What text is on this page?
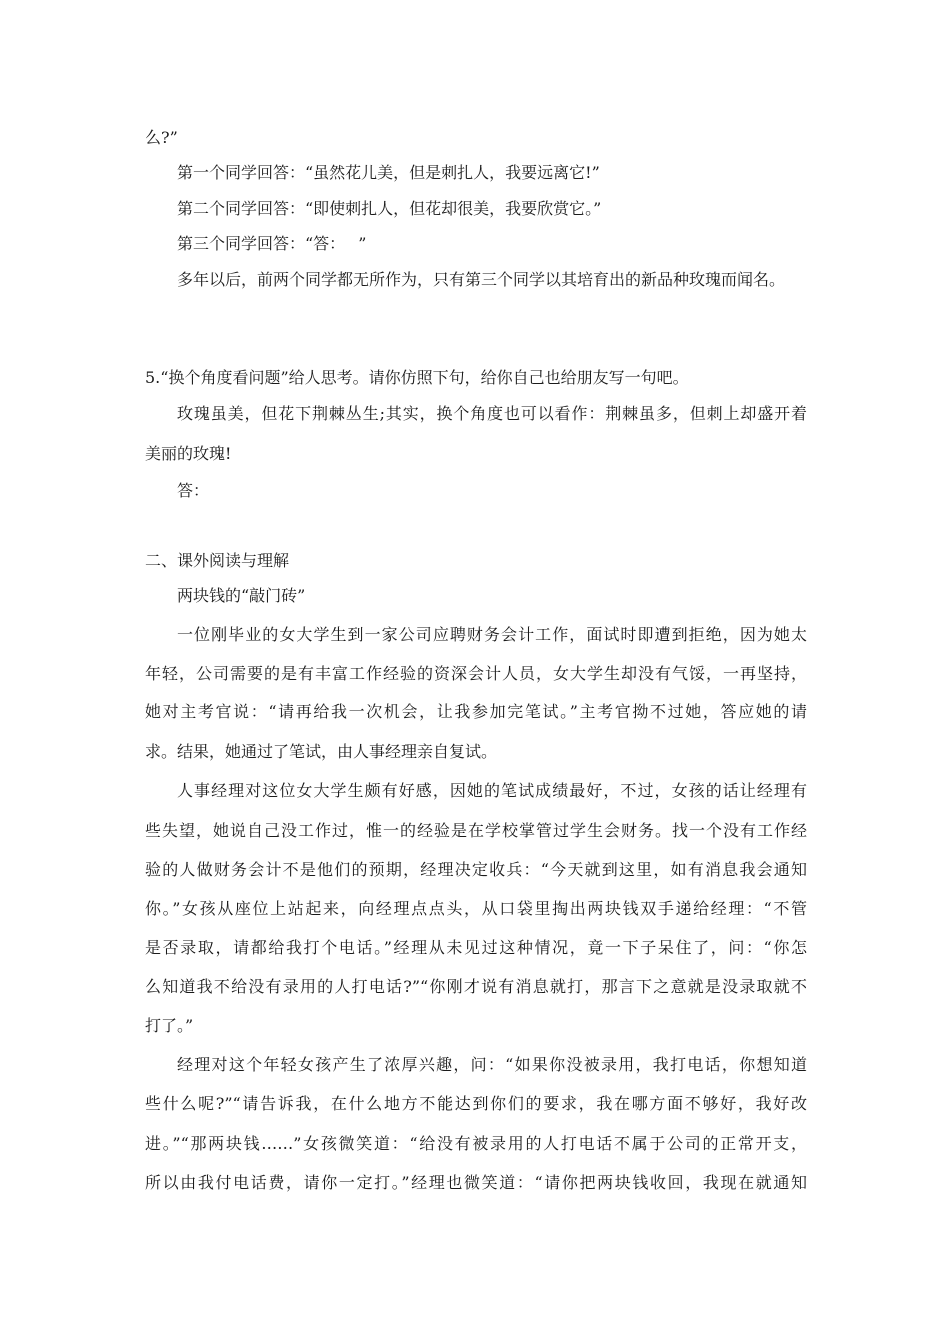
么?”
第一个同学回答：“虽然花儿美，但是刺扎人，我要远离它!”
第二个同学回答：“即使刺扎人，但花却很美，我要欣赏它。”
第三个同学回答：“答：　 ”
多年以后，前两个同学都无所作为，只有第三个同学以其培育出的新品种玫瑰而闻名。
5.“换个角度看问题”给人思考。请你仿照下句，给你自己也给朋友写一句吧。
玫瑰虽美，但花下荆棘丛生;其实，换个角度也可以看作：荆棘虽多，但刺上却盛开着
美丽的玫瑰!
答：
二、课外阅读与理解
两块钱的“敲门砖”
一位刚毕业的女大学生到一家公司应聘财务会计工作，面试时即遭到拒绝，因为她太
年轻，公司需要的是有丰富工作经验的资深会计人员，女大学生却没有气馁，一再坚持，
她对主考官说：“请再给我一次机会，让我参加完笔试。”主考官拗不过她，答应她的请
求。结果，她通过了笔试，由人事经理亲自复试。
人事经理对这位女大学生颇有好感，因她的笔试成绩最好，不过，女孩的话让经理有
些失望，她说自己没工作过，惟一的经验是在学校掌管过学生会财务。找一个没有工作经
验的人做财务会计不是他们的预期，经理决定收兵：“今天就到这里，如有消息我会通知
你。”女孩从座位上站起来，向经理点点头，从口袋里掏出两块钱双手递给经理：“不管
是否录取，请都给我打个电话。”经理从未见过这种情况，竟一下子呆住了，问：“你怎
么知道我不给没有录用的人打电话?”“你刚才说有消息就打，那言下之意就是没录取就不
打了。”
经理对这个年轻女孩产生了浓厚兴趣，问：“如果你没被录用，我打电话，你想知道
些什么呢?”“请告诉我，在什么地方不能达到你们的要求，我在哪方面不够好，我好改
进。”“那两块钱……”女孩微笑道：“给没有被录用的人打电话不属于公司的正常开支，
所以由我付电话费，请你一定打。”经理也微笑道：“请你把两块钱收回，我现在就通知
